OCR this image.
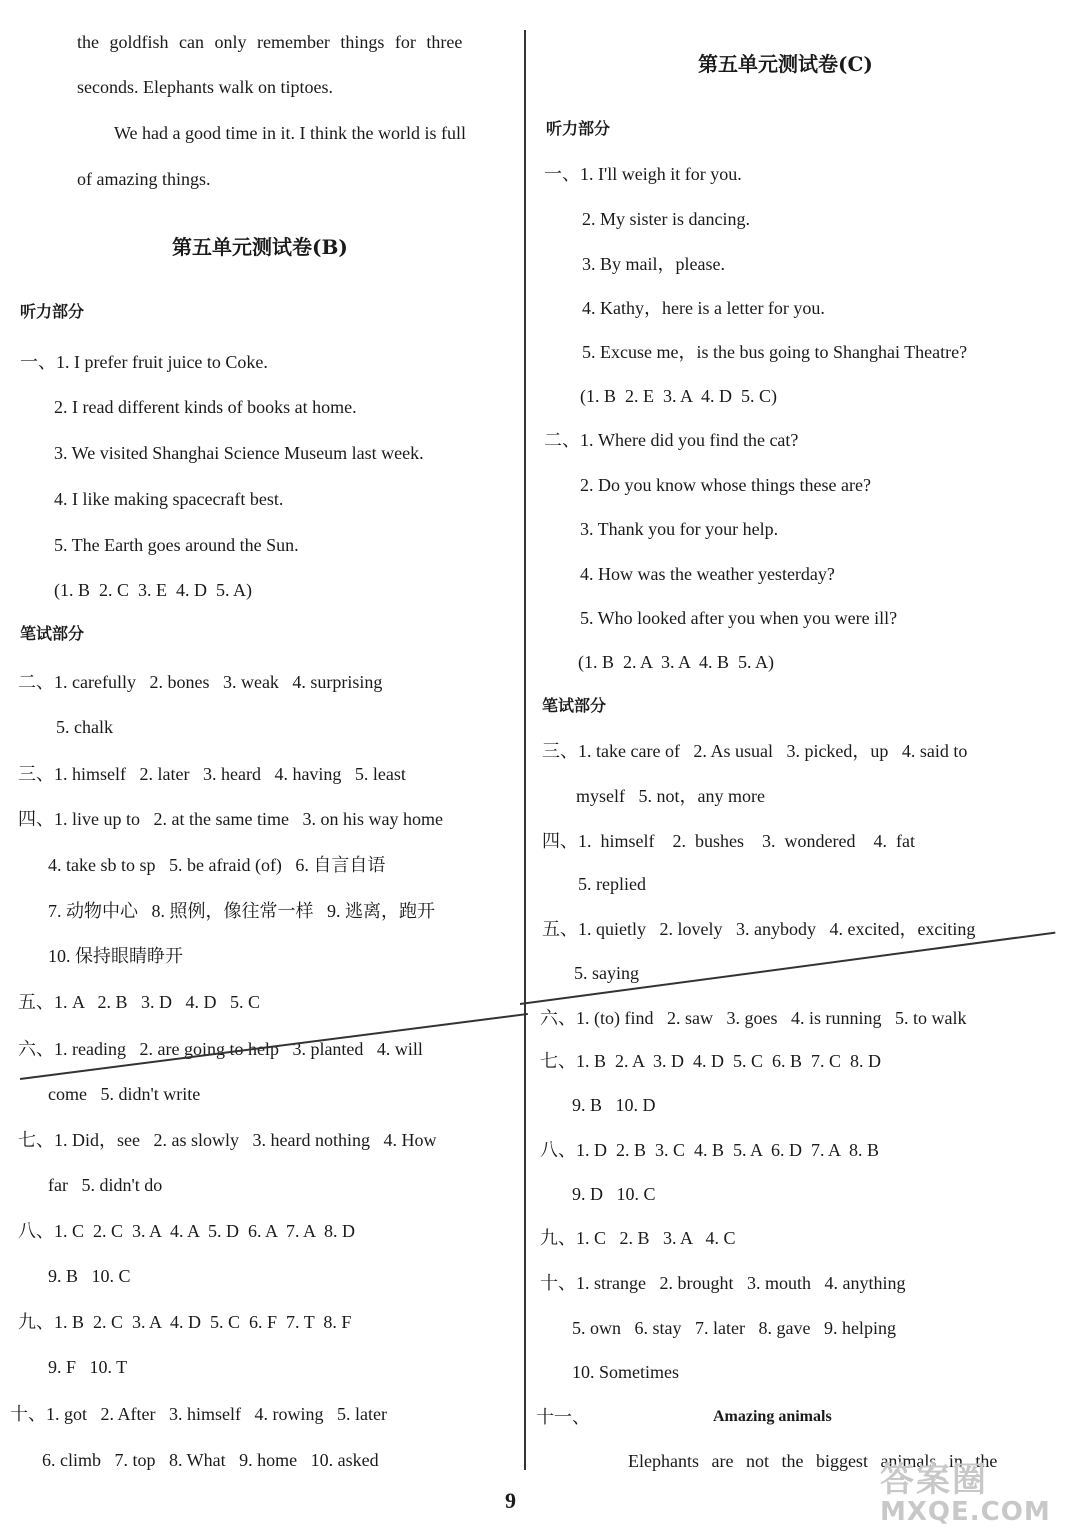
the goldfish can only remember things for three
seconds. Elephants walk on tiptoes.
We had a good time in it. I think the world is full
of amazing things.
第五单元测试卷(B)
听力部分
一、1. I prefer fruit juice to Coke.
2. I read different kinds of books at home.
3. We visited Shanghai Science Museum last week.
4. I like making spacecraft best.
5. The Earth goes around the Sun.
(1. B  2. C  3. E  4. D  5. A)
笔试部分
二、1. carefully   2. bones   3. weak   4. surprising
5. chalk
三、1. himself   2. later   3. heard   4. having   5. least
四、1. live up to   2. at the same time   3. on his way home
4. take sb to sp   5. be afraid (of)   6. 自言自语
7. 动物中心   8. 照例，像往常一样   9. 逃离，跑开
10. 保持眼睛睁开
五、1. A   2. B   3. D   4. D   5. C
六、1. reading   2. are going to help   3. planted   4. will
come   5. didn't write
七、1. Did，see   2. as slowly   3. heard nothing   4. How
far   5. didn't do
八、1. C  2. C  3. A  4. A  5. D  6. A  7. A  8. D
9. B   10. C
九、1. B  2. C  3. A  4. D  5. C  6. F  7. T  8. F
9. F   10. T
十、1. got   2. After   3. himself   4. rowing   5. later
6. climb   7. top   8. What   9. home   10. asked
第五单元测试卷(C)
听力部分
一、1. I'll weigh it for you.
2. My sister is dancing.
3. By mail，please.
4. Kathy，here is a letter for you.
5. Excuse me，is the bus going to Shanghai Theatre?
(1. B  2. E  3. A  4. D  5. C)
二、1. Where did you find the cat?
2. Do you know whose things these are?
3. Thank you for your help.
4. How was the weather yesterday?
5. Who looked after you when you were ill?
(1. B  2. A  3. A  4. B  5. A)
笔试部分
三、1. take care of   2. As usual   3. picked，up   4. said to
myself   5. not，any more
四、1.  himself    2.  bushes    3.  wondered    4.  fat
5. replied
五、1. quietly   2. lovely   3. anybody   4. excited，exciting
5. saying
六、1. (to) find   2. saw   3. goes   4. is running   5. to walk
七、1. B  2. A  3. D  4. D  5. C  6. B  7. C  8. D
9. B   10. D
八、1. D  2. B  3. C  4. B  5. A  6. D  7. A  8. B
9. D   10. C
九、1. C   2. B   3. A   4. C
十、1. strange   2. brought   3. mouth   4. anything
5. own   6. stay   7. later   8. gave   9. helping
10. Sometimes
十一、	Amazing animals
Elephants are not the biggest animals in the
9
答案圈
MXQE.COM
